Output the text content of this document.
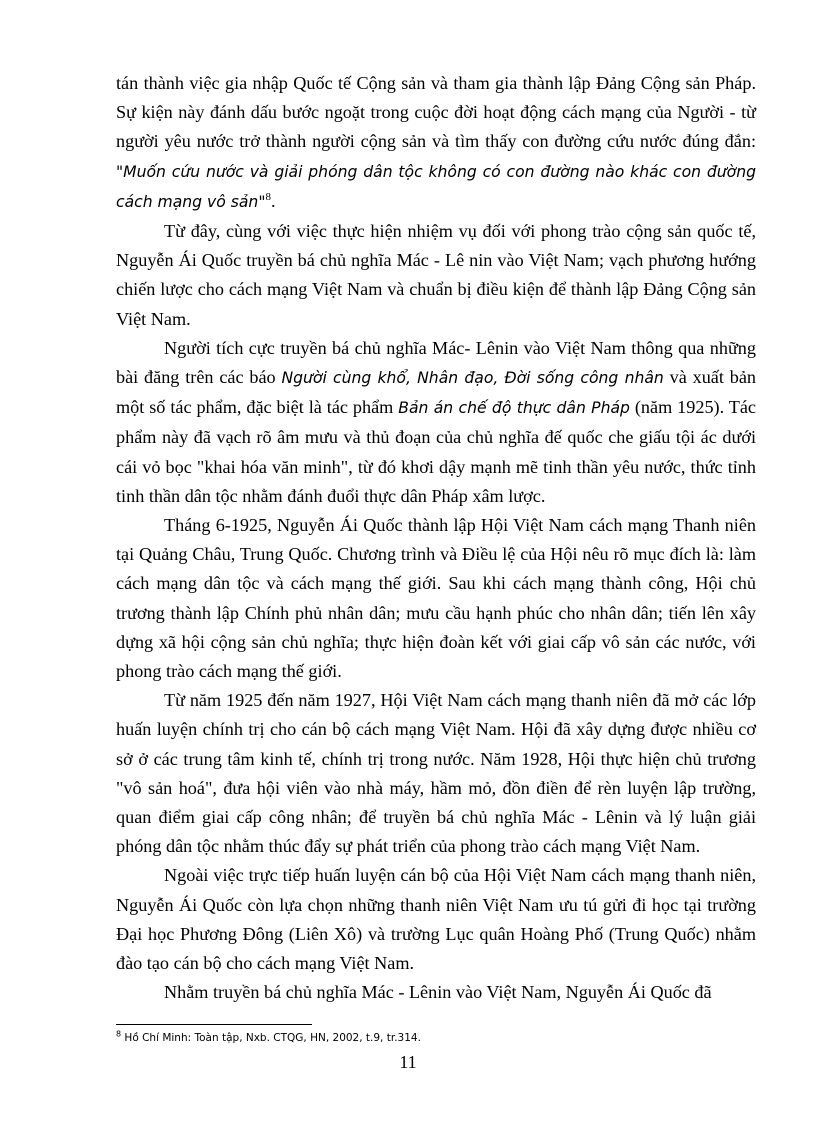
tán thành việc gia nhập Quốc tế Cộng sản và tham gia thành lập Đảng Cộng sản Pháp. Sự kiện này đánh dấu bước ngoặt trong cuộc đời hoạt động cách mạng của Người - từ người yêu nước trở thành người cộng sản và tìm thấy con đường cứu nước đúng đắn: "Muốn cứu nước và giải phóng dân tộc không có con đường nào khác con đường cách mạng vô sản"$^8$.

Từ đây, cùng với việc thực hiện nhiệm vụ đối với phong trào cộng sản quốc tế, Nguyễn Ái Quốc truyền bá chủ nghĩa Mác - Lê nin vào Việt Nam; vạch phương hướng chiến lược cho cách mạng Việt Nam và chuẩn bị điều kiện để thành lập Đảng Cộng sản Việt Nam.

Người tích cực truyền bá chủ nghĩa Mác- Lênin vào Việt Nam thông qua những bài đăng trên các báo Người cùng khổ, Nhân đạo, Đời sống công nhân và xuất bản một số tác phẩm, đặc biệt là tác phẩm Bản án chế độ thực dân Pháp (năm 1925). Tác phẩm này đã vạch rõ âm mưu và thủ đoạn của chủ nghĩa đế quốc che giấu tội ác dưới cái vỏ bọc "khai hóa văn minh", từ đó khơi dậy mạnh mẽ tinh thần yêu nước, thức tỉnh tinh thần dân tộc nhằm đánh đuổi thực dân Pháp xâm lược.

Tháng 6-1925, Nguyễn Ái Quốc thành lập Hội Việt Nam cách mạng Thanh niên tại Quảng Châu, Trung Quốc. Chương trình và Điều lệ của Hội nêu rõ mục đích là: làm cách mạng dân tộc và cách mạng thế giới. Sau khi cách mạng thành công, Hội chủ trương thành lập Chính phủ nhân dân; mưu cầu hạnh phúc cho nhân dân; tiến lên xây dựng xã hội cộng sản chủ nghĩa; thực hiện đoàn kết với giai cấp vô sản các nước, với phong trào cách mạng thế giới.

Từ năm 1925 đến năm 1927, Hội Việt Nam cách mạng thanh niên đã mở các lớp huấn luyện chính trị cho cán bộ cách mạng Việt Nam. Hội đã xây dựng được nhiều cơ sở ở các trung tâm kinh tế, chính trị trong nước. Năm 1928, Hội thực hiện chủ trương "vô sản hoá", đưa hội viên vào nhà máy, hầm mỏ, đồn điền để rèn luyện lập trường, quan điểm giai cấp công nhân; để truyền bá chủ nghĩa Mác - Lênin và lý luận giải phóng dân tộc nhằm thúc đẩy sự phát triển của phong trào cách mạng Việt Nam.

Ngoài việc trực tiếp huấn luyện cán bộ của Hội Việt Nam cách mạng thanh niên, Nguyễn Ái Quốc còn lựa chọn những thanh niên Việt Nam ưu tú gửi đi học tại trường Đại học Phương Đông (Liên Xô) và trường Lục quân Hoàng Phố (Trung Quốc) nhằm đào tạo cán bộ cho cách mạng Việt Nam.

Nhằm truyền bá chủ nghĩa Mác - Lênin vào Việt Nam, Nguyễn Ái Quốc đã

$^8$ Hồ Chí Minh: Toàn tập, Nxb. CTQG, HN, 2002, t.9, tr.314.
11
